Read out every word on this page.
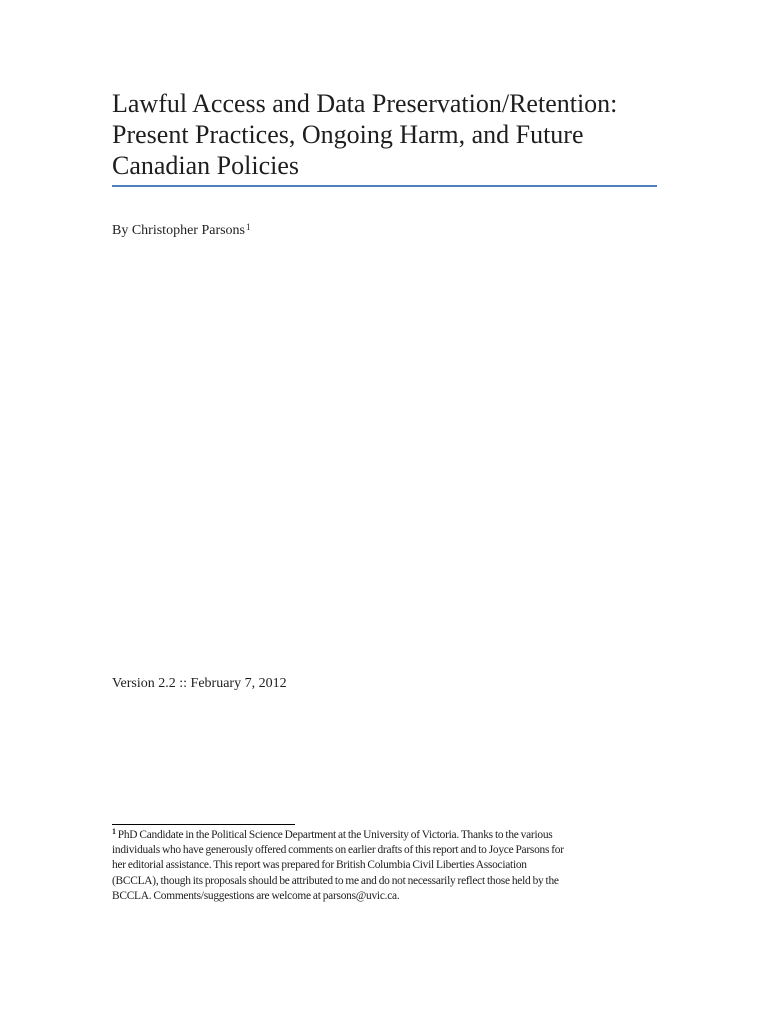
Lawful Access and Data Preservation/Retention:
Present Practices, Ongoing Harm, and Future
Canadian Policies
By Christopher Parsons$^1$
Version 2.2 :: February 7, 2012
$^1$ PhD Candidate in the Political Science Department at the University of Victoria. Thanks to the various
individuals who have generously offered comments on earlier drafts of this report and to Joyce Parsons for
her editorial assistance. This report was prepared for British Columbia Civil Liberties Association
(BCCLA), though its proposals should be attributed to me and do not necessarily reflect those held by the
BCCLA. Comments/suggestions are welcome at parsons@uvic.ca.
